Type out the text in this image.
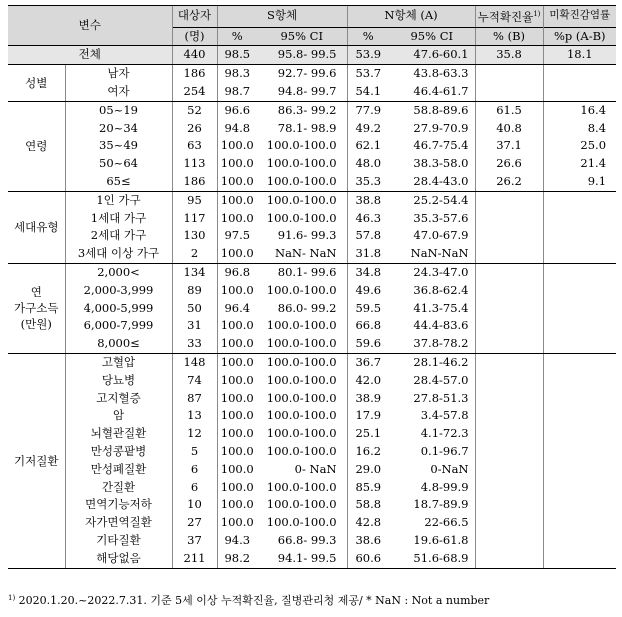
변수		대상자	S항체		N항체 (A)		누적확진율$^{1)}$	미확진감염률
		(명)	%	95% CI	%	95% CI	% (B)	%p (A-B)
전체		440	98.5	95.8- 99.5	53.9	47.6-60.1	35.8	18.1
성별	남자	186	98.3	92.7- 99.6	53.7	43.8-63.3		
	여자	254	98.7	94.8- 99.7	54.1	46.4-61.7		
연령	05~19	52	96.6	86.3- 99.2	77.9	58.8-89.6	61.5	16.4
	20~34	26	94.8	78.1- 98.9	49.2	27.9-70.9	40.8	8.4
	35~49	63	100.0	100.0-100.0	62.1	46.7-75.4	37.1	25.0
	50~64	113	100.0	100.0-100.0	48.0	38.3-58.0	26.6	21.4
	65≤	186	100.0	100.0-100.0	35.3	28.4-43.0	26.2	9.1
세대유형	1인 가구	95	100.0	100.0-100.0	38.8	25.2-54.4		
	1세대 가구	117	100.0	100.0-100.0	46.3	35.3-57.6		
	2세대 가구	130	97.5	91.6- 99.3	57.8	47.0-67.9		
	3세대 이상 가구	2	100.0	NaN- NaN	31.8	NaN-NaN		
연
가구소득
(만원)	2,000<	134	96.8	80.1- 99.6	34.8	24.3-47.0		
	2,000-3,999	89	100.0	100.0-100.0	49.6	36.8-62.4		
	4,000-5,999	50	96.4	86.0- 99.2	59.5	41.3-75.4		
	6,000-7,999	31	100.0	100.0-100.0	66.8	44.4-83.6		
	8,000≤	33	100.0	100.0-100.0	59.6	37.8-78.2		
기저질환	고혈압	148	100.0	100.0-100.0	36.7	28.1-46.2		
	당뇨병	74	100.0	100.0-100.0	42.0	28.4-57.0		
	고지혈증	87	100.0	100.0-100.0	38.9	27.8-51.3		
	암	13	100.0	100.0-100.0	17.9	3.4-57.8		
	뇌혈관질환	12	100.0	100.0-100.0	25.1	4.1-72.3		
	만성콩팥병	5	100.0	100.0-100.0	16.2	0.1-96.7		
	만성폐질환	6	100.0	0- NaN	29.0	0-NaN		
	간질환	6	100.0	100.0-100.0	85.9	4.8-99.9		
	면역기능저하	10	100.0	100.0-100.0	58.8	18.7-89.9		
	자가면역질환	27	100.0	100.0-100.0	42.8	22-66.5		
	기타질환	37	94.3	66.8- 99.3	38.6	19.6-61.8		
	해당없음	211	98.2	94.1- 99.5	60.6	51.6-68.9		
$^{1)}$ 2020.1.20.~2022.7.31. 기준 5세 이상 누적확진율, 질병관리청 제공/ * NaN : Not a number
